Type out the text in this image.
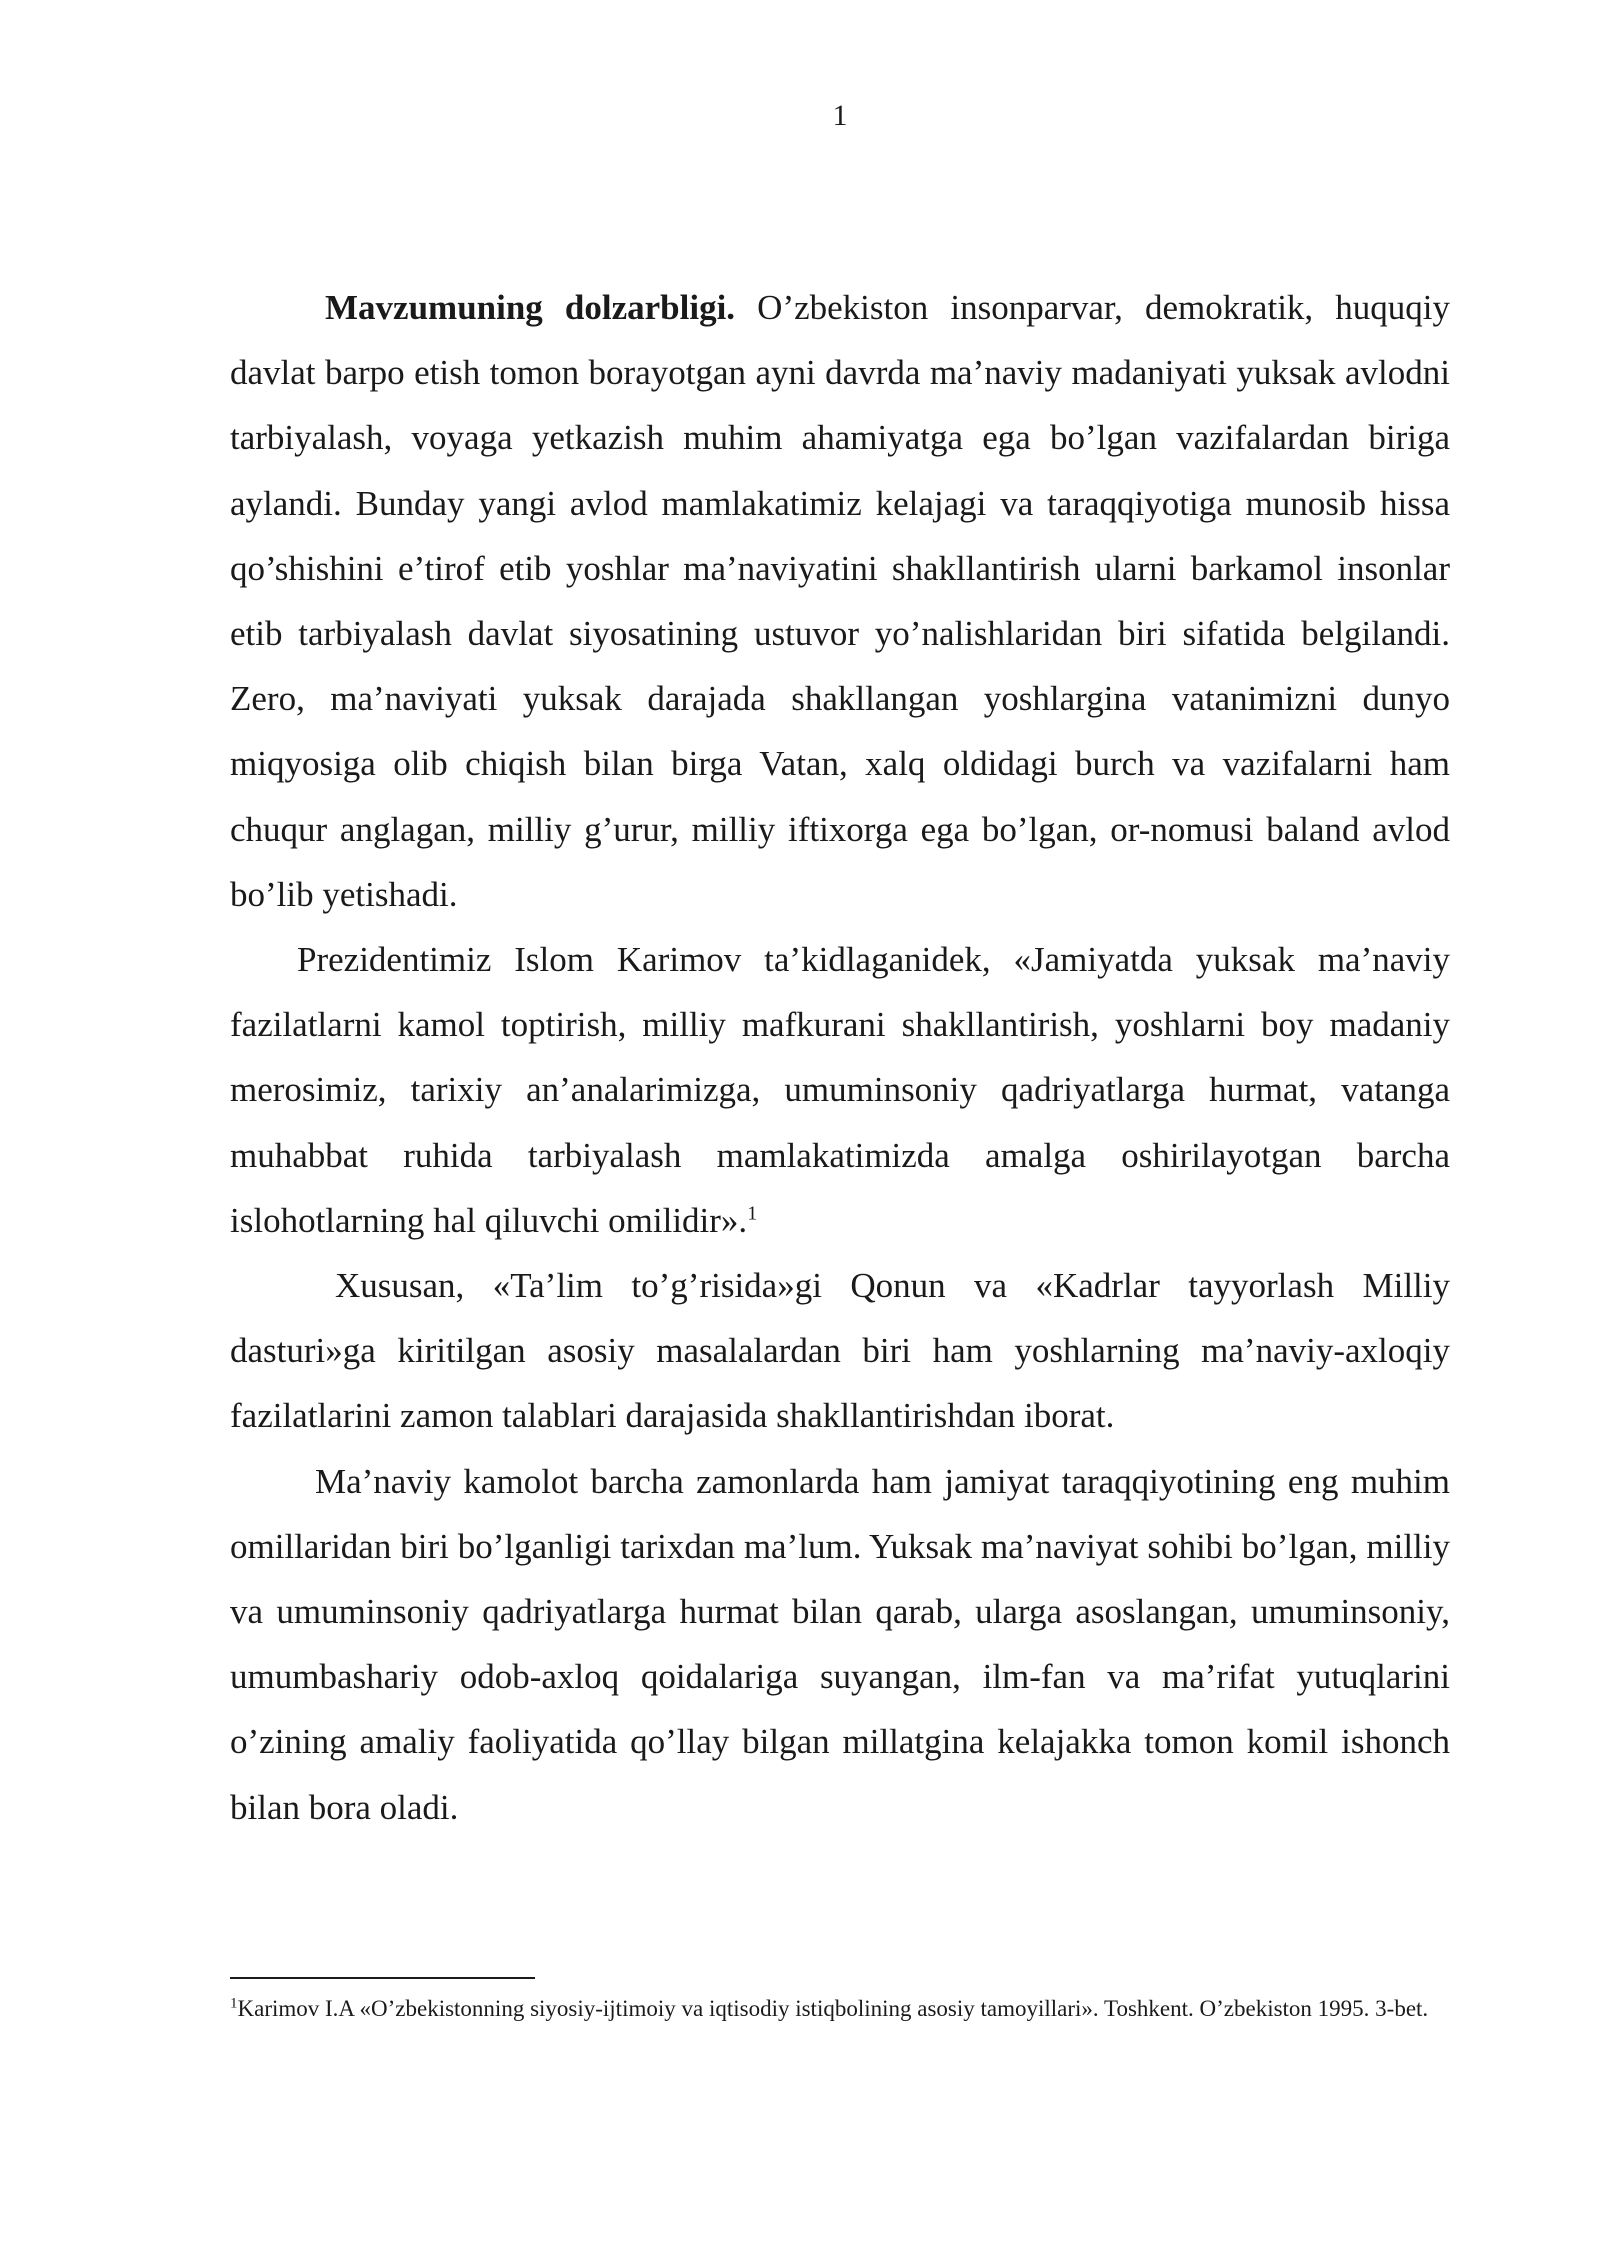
1

Mavzumuning dolzarbligi. O’zbekiston insonparvar, demokratik, huquqiy davlat barpo etish tomon borayotgan ayni davrda ma’naviy madaniyati yuksak avlodni tarbiyalash, voyaga yetkazish muhim ahamiyatga ega bo’lgan vazifalardan biriga aylandi. Bunday yangi avlod mamlakatimiz kelajagi va taraqqiyotiga munosib hissa qo’shishini e’tirof etib yoshlar ma’naviyatini shakllantirish ularni barkamol insonlar etib tarbiyalash davlat siyosatining ustuvor yo’nalishlaridan biri sifatida belgilandi. Zero, ma’naviyati yuksak darajada shakllangan yoshlargina vatanimizni dunyo miqyosiga olib chiqish bilan birga Vatan, xalq oldidagi burch va vazifalarni ham chuqur anglagan, milliy g’urur, milliy iftixorga ega bo’lgan, or-nomusi baland avlod bo’lib yetishadi.

Prezidentimiz Islom Karimov ta’kidlaganidek, «Jamiyatda yuksak ma’naviy fazilatlarni kamol toptirish, milliy mafkurani shakllantirish, yoshlarni boy madaniy merosimiz, tarixiy an’analarimizga, umuminsoniy qadriyatlarga hurmat, vatanga muhabbat ruhida tarbiyalash mamlakatimizda amalga oshirilayotgan barcha islohotlarning hal qiluvchi omilidir».$^1$

Xususan, «Ta’lim to’g’risida»gi Qonun va «Kadrlar tayyorlash Milliy dasturi»ga kiritilgan asosiy masalalardan biri ham yoshlarning ma’naviy-axloqiy fazilatlarini zamon talablari darajasida shakllantirishdan iborat.

Ma’naviy kamolot barcha zamonlarda ham jamiyat taraqqiyotining eng muhim omillaridan biri bo’lganligi tarixdan ma’lum. Yuksak ma’naviyat sohibi bo’lgan, milliy va umuminsoniy qadriyatlarga hurmat bilan qarab, ularga asoslangan, umuminsoniy, umumbashariy odob-axloq qoidalariga suyangan, ilm-fan va ma’rifat yutuqlarini o’zining amaliy faoliyatida qo’llay bilgan millatgina kelajakka tomon komil ishonch bilan bora oladi.

$^1$Karimov I.A «O’zbekistonning siyosiy-ijtimoiy va iqtisodiy istiqbolining asosiy tamoyillari». Toshkent. O’zbekiston 1995. 3-bet.
